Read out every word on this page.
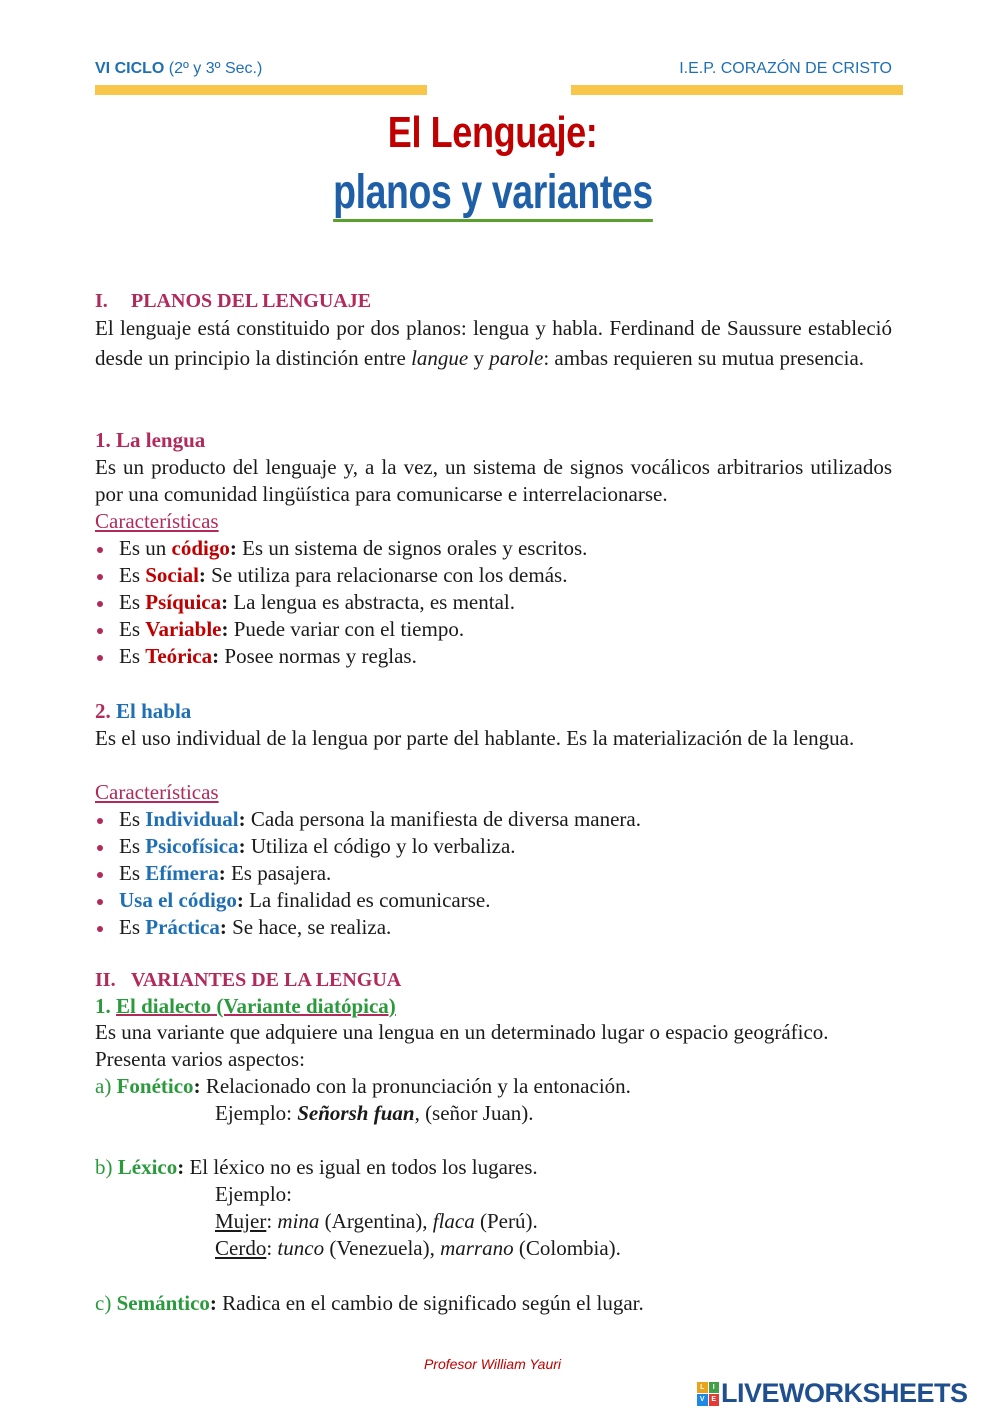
VI CICLO (2º y 3º Sec.)	I.E.P. CORAZÓN DE CRISTO
El Lenguaje:
planos y variantes
I. PLANOS DEL LENGUAJE
El lenguaje está constituido por dos planos: lengua y habla. Ferdinand de Saussure estableció desde un principio la distinción entre langue y parole: ambas requieren su mutua presencia.
1. La lengua
Es un producto del lenguaje y, a la vez, un sistema de signos vocálicos arbitrarios utilizados por una comunidad lingüística para comunicarse e interrelacionarse.
Características
Es un código: Es un sistema de signos orales y escritos.
Es Social: Se utiliza para relacionarse con los demás.
Es Psíquica: La lengua es abstracta, es mental.
Es Variable: Puede variar con el tiempo.
Es Teórica: Posee normas y reglas.
2. El habla
Es el uso individual de la lengua por parte del hablante. Es la materialización de la lengua.
Características
Es Individual: Cada persona la manifiesta de diversa manera.
Es Psicofísica: Utiliza el código y lo verbaliza.
Es Efímera: Es pasajera.
Usa el código: La finalidad es comunicarse.
Es Práctica: Se hace, se realiza.
II. VARIANTES DE LA LENGUA
1. El dialecto (Variante diatópica)
Es una variante que adquiere una lengua en un determinado lugar o espacio geográfico. Presenta varios aspectos:
a) Fonético: Relacionado con la pronunciación y la entonación.
Ejemplo: Señorsh fuan, (señor Juan).
b) Léxico: El léxico no es igual en todos los lugares.
Ejemplo:
Mujer: mina (Argentina), flaca (Perú).
Cerdo: tunco (Venezuela), marrano (Colombia).
c) Semántico: Radica en el cambio de significado según el lugar.
Profesor William Yauri
L	I
V E LIVEWORKSHEETS
